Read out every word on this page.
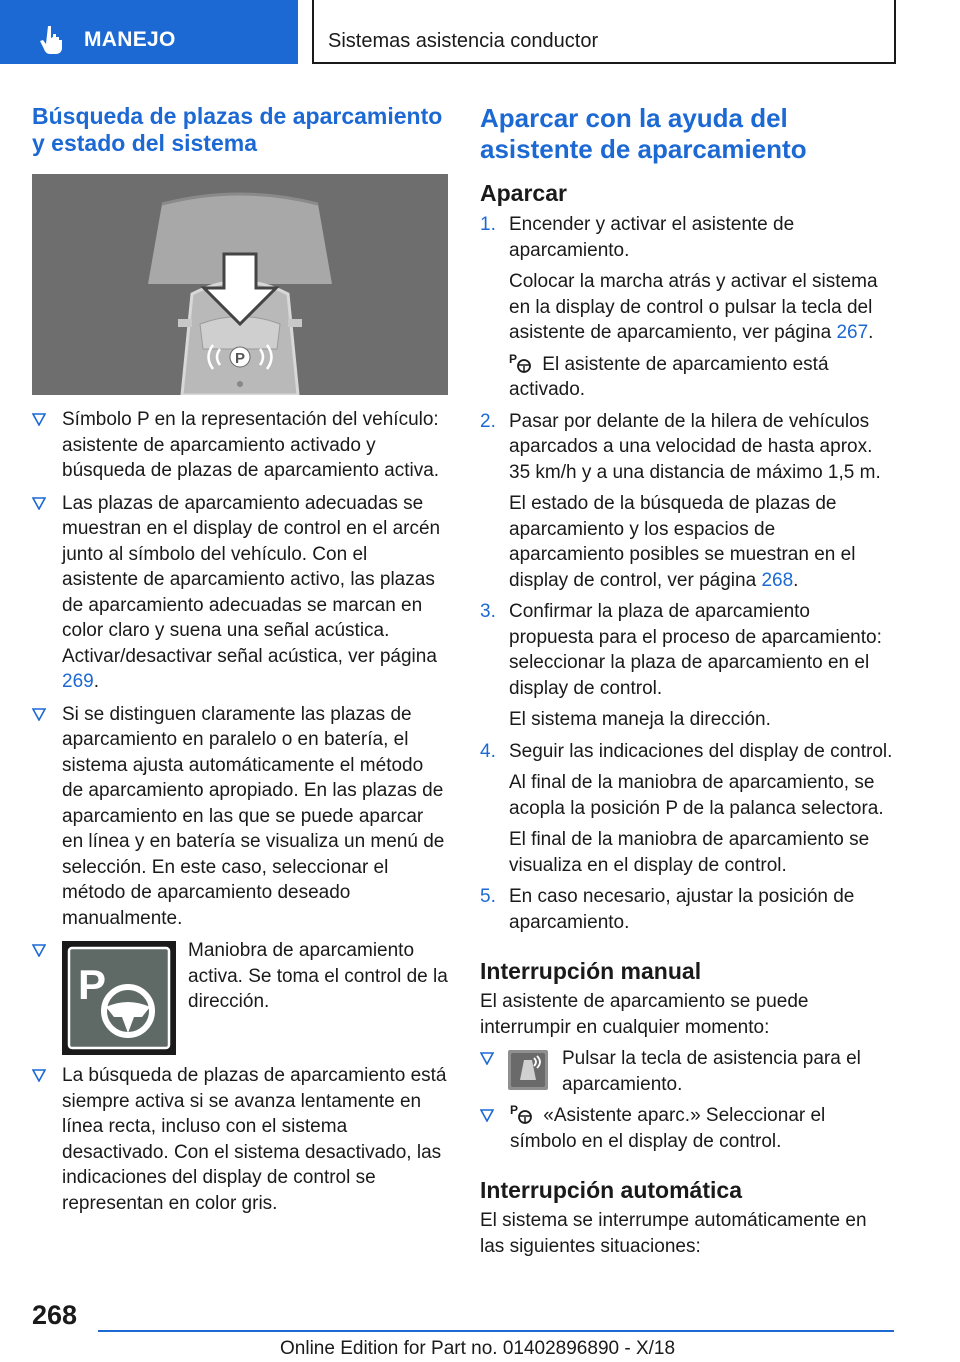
MANEJO	Sistemas asistencia conductor
Búsqueda de plazas de aparcamiento y estado del sistema
P
Símbolo P en la representación del vehículo: asistente de aparcamiento activado y búsqueda de plazas de aparcamiento activa.
Las plazas de aparcamiento adecuadas se muestran en el display de control en el arcén junto al símbolo del vehículo. Con el asistente de aparcamiento activo, las plazas de aparcamiento adecuadas se marcan en color claro y suena una señal acústica. Activar/desactivar señal acústica, ver página 269.
Si se distinguen claramente las plazas de aparcamiento en paralelo o en batería, el sistema ajusta automáticamente el método de aparcamiento apropiado. En las plazas de aparcamiento en las que se puede aparcar en línea y en batería se visualiza un menú de selección. En este caso, seleccionar el método de aparcamiento deseado manualmente.
P
Maniobra de aparcamiento activa. Se toma el control de la dirección.
La búsqueda de plazas de aparcamiento está siempre activa si se avanza lentamente en línea recta, incluso con el sistema desactivado. Con el sistema desactivado, las indicaciones del display de control se representan en color gris.
Aparcar con la ayuda del asistente de aparcamiento
Aparcar
1. Encender y activar el asistente de aparcamiento.

Colocar la marcha atrás y activar el sistema en la display de control o pulsar la tecla del asistente de aparcamiento, ver página 267.

P El asistente de aparcamiento está activado.

2. Pasar por delante de la hilera de vehículos aparcados a una velocidad de hasta aprox. 35 km/h y a una distancia de máximo 1,5 m.

El estado de la búsqueda de plazas de aparcamiento y los espacios de aparcamiento posibles se muestran en el display de control, ver página 268.

3. Confirmar la plaza de aparcamiento propuesta para el proceso de aparcamiento: seleccionar la plaza de aparcamiento en el display de control.

El sistema maneja la dirección.

4. Seguir las indicaciones del display de control.

Al final de la maniobra de aparcamiento, se acopla la posición P de la palanca selectora.

El final de la maniobra de aparcamiento se visualiza en el display de control.

5. En caso necesario, ajustar la posición de aparcamiento.

Interrupción manual

El asistente de aparcamiento se puede interrumpir en cualquier momento:

Pulsar la tecla de asistencia para el aparcamiento.
P «Asistente aparc.» Seleccionar el símbolo en el display de control.
Interrupción automática

El sistema se interrumpe automáticamente en las siguientes situaciones:

268
Online Edition for Part no. 01402896890 - X/18
